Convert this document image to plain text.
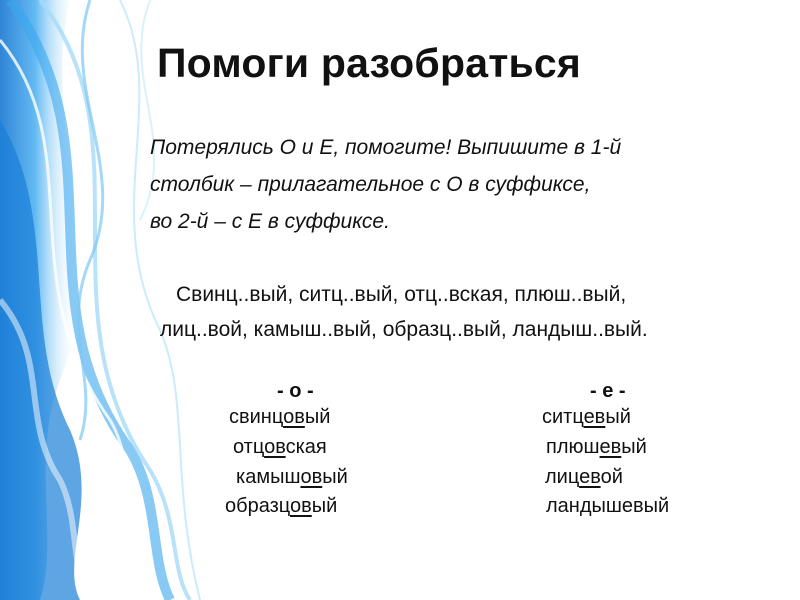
Помоги разобраться
Потерялись О и Е, помогите! Выпишите в 1-й
столбик – прилагательное с О в суффиксе,
во 2-й – с Е в суффиксе.
Свинц..вый, ситц..вый, отц..вская, плюш..вый,
лиц..вой, камыш..вый, образц..вый, ландыш..вый.
- о -
свинцовый
отцовская
камышовый
образцовый
- е -
ситцевый
плюшевый
лицевой
ландышевый
